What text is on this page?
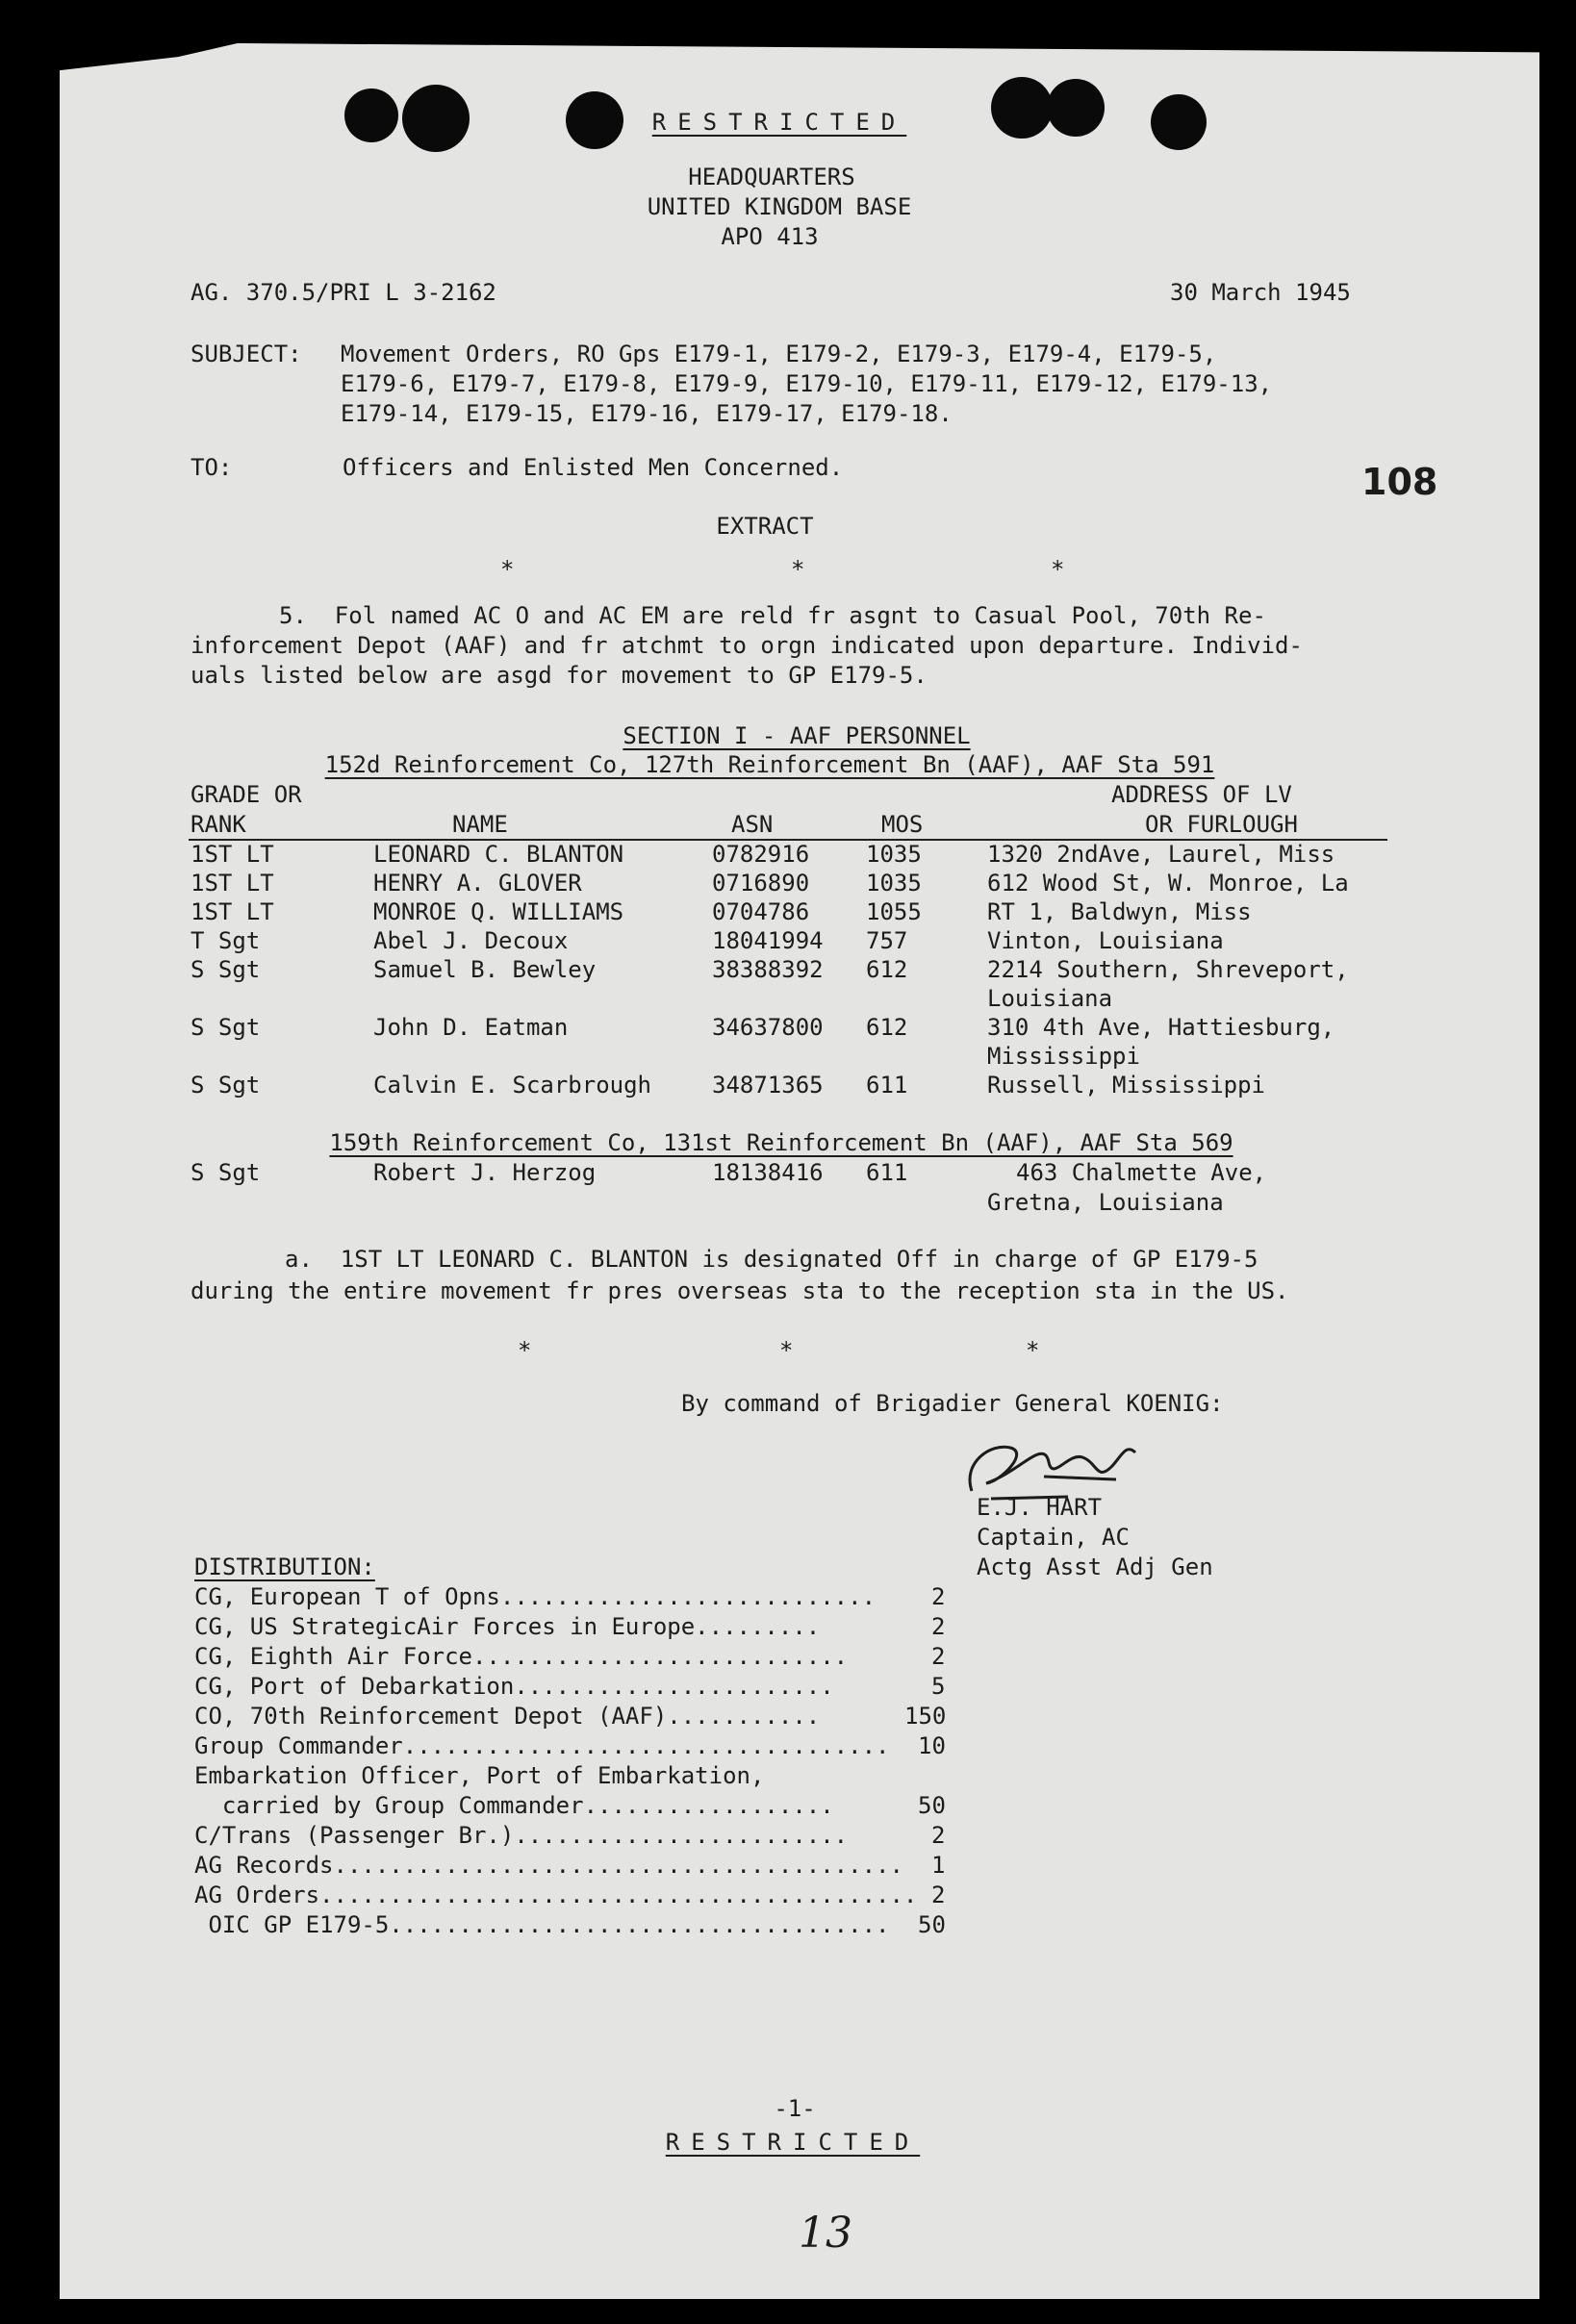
RESTRICTED
HEADQUARTERS
UNITED KINGDOM BASE
APO 413
AG. 370.5/PRI L 3-2162	30 March 1945
SUBJECT: Movement Orders, RO Gps E179-1, E179-2, E179-3, E179-4, E179-5,
E179-6, E179-7, E179-8, E179-9, E179-10, E179-11, E179-12, E179-13,
E179-14, E179-15, E179-16, E179-17, E179-18.
TO:	Officers and Enlisted Men Concerned.	108
EXTRACT
*	*	*
5.  Fol named AC O and AC EM are reld fr asgnt to Casual Pool, 70th Re-
inforcement Depot (AAF) and fr atchmt to orgn indicated upon departure. Individ-
uals listed below are asgd for movement to GP E179-5.
SECTION I - AAF PERSONNEL
152d Reinforcement Co, 127th Reinforcement Bn (AAF), AAF Sta 591
GRADE OR
RANK	NAME	ASN	MOS
ADDRESS OF LV
OR FURLOUGH
1ST LT	LEONARD C. BLANTON	0782916 1035	1320 2ndAve, Laurel, Miss
1ST LT	HENRY A. GLOVER	0716890 1035	612 Wood St, W. Monroe, La
1ST LT	MONROE Q. WILLIAMS	0704786 1055	RT 1, Baldwyn, Miss
T Sgt	Abel J. Decoux	18041994 757	Vinton, Louisiana
S Sgt	Samuel B. Bewley	38388392 612	2214 Southern, Shreveport,
Louisiana
S Sgt	John D. Eatman	34637800 612	310 4th Ave, Hattiesburg,
Mississippi
S Sgt	Calvin E. Scarbrough	34871365 611	Russell, Mississippi
159th Reinforcement Co, 131st Reinforcement Bn (AAF), AAF Sta 569
S Sgt	Robert J. Herzog	18138416 611	463 Chalmette Ave,
Gretna, Louisiana
a.  1ST LT LEONARD C. BLANTON is designated Off in charge of GP E179-5
during the entire movement fr pres overseas sta to the reception sta in the US.
*	*	*
By command of Brigadier General KOENIG:
E.J. HART
Captain, AC
Actg Asst Adj Gen
DISTRIBUTION:
CG, European T of Opns........................... 2
CG, US StrategicAir Forces in Europe.........	2
CG, Eighth Air Force...........................	2
CG, Port of Debarkation.......................	5
CO, 70th Reinforcement Depot (AAF)...........	150
Group Commander................................... 10
Embarkation Officer, Port of Embarkation,
carried by Group Commander..................	50
C/Trans (Passenger Br.)........................	2
AG Records......................................... 1
AG Orders........................................... 2
OIC GP E179-5.................................... 50
-1-
RESTRICTED
13
